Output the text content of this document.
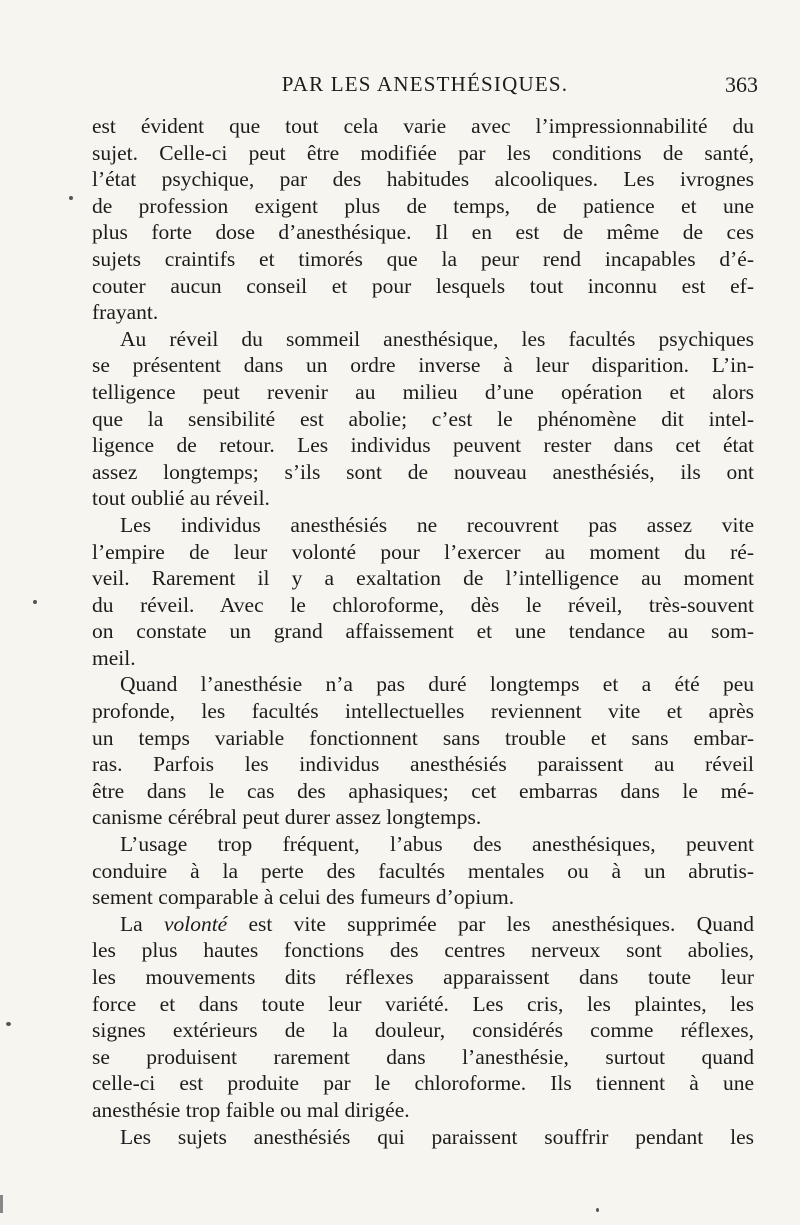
PAR LES ANESTHÉSIQUES.	363
est évident que tout cela varie avec l’impressionnabilité du
sujet. Celle-ci peut être modifiée par les conditions de santé,
l’état psychique, par des habitudes alcooliques. Les ivrognes
de profession exigent plus de temps, de patience et une
plus forte dose d’anesthésique. Il en est de même de ces
sujets craintifs et timorés que la peur rend incapables d’é-
couter aucun conseil et pour lesquels tout inconnu est ef-
frayant.
Au réveil du sommeil anesthésique, les facultés psychiques
se présentent dans un ordre inverse à leur disparition. L’in-
telligence peut revenir au milieu d’une opération et alors
que la sensibilité est abolie; c’est le phénomène dit intel-
ligence de retour. Les individus peuvent rester dans cet état
assez longtemps; s’ils sont de nouveau anesthésiés, ils ont
tout oublié au réveil.
Les individus anesthésiés ne recouvrent pas assez vite
l’empire de leur volonté pour l’exercer au moment du ré-
veil. Rarement il y a exaltation de l’intelligence au moment
du réveil. Avec le chloroforme, dès le réveil, très-souvent
on constate un grand affaissement et une tendance au som-
meil.
Quand l’anesthésie n’a pas duré longtemps et a été peu
profonde, les facultés intellectuelles reviennent vite et après
un temps variable fonctionnent sans trouble et sans embar-
ras. Parfois les individus anesthésiés paraissent au réveil
être dans le cas des aphasiques; cet embarras dans le mé-
canisme cérébral peut durer assez longtemps.
L’usage trop fréquent, l’abus des anesthésiques, peuvent
conduire à la perte des facultés mentales ou à un abrutis-
sement comparable à celui des fumeurs d’opium.
La volonté est vite supprimée par les anesthésiques. Quand
les plus hautes fonctions des centres nerveux sont abolies,
les mouvements dits réflexes apparaissent dans toute leur
force et dans toute leur variété. Les cris, les plaintes, les
signes extérieurs de la douleur, considérés comme réflexes,
se produisent rarement dans l’anesthésie, surtout quand
celle-ci est produite par le chloroforme. Ils tiennent à une
anesthésie trop faible ou mal dirigée.
Les sujets anesthésiés qui paraissent souffrir pendant les
